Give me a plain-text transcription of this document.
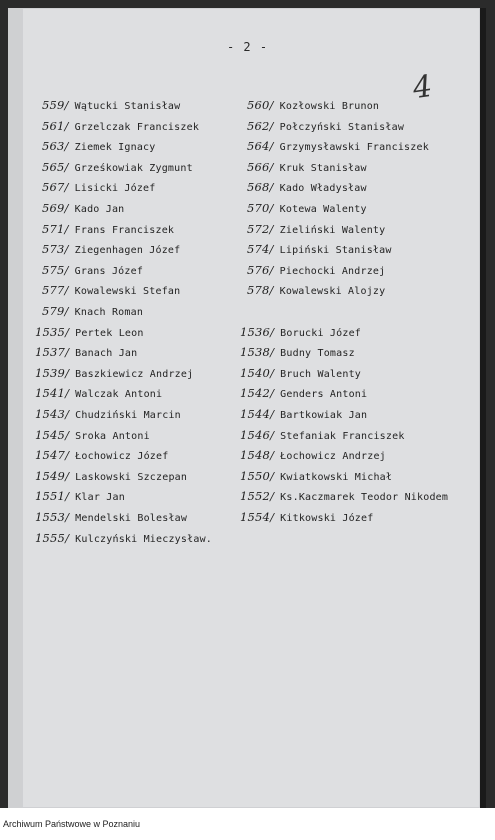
- 2 -
4
559/ Wątucki Stanisław
561/ Grzelczak Franciszek
563/ Ziemek Ignacy
565/ Grześkowiak Zygmunt
567/ Lisicki Józef
569/ Kado Jan
571/ Frans Franciszek
573/ Ziegenhagen Józef
575/ Grans Józef
577/ Kowalewski Stefan
579/ Knach Roman
1535/ Pertek Leon
1537/ Banach Jan
1539/ Baszkiewicz Andrzej
1541/ Walczak Antoni
1543/ Chudziński Marcin
1545/ Sroka Antoni
1547/ Łochowicz Józef
1549/ Laskowski Szczepan
1551/ Klar Jan
1553/ Mendelski Bolesław
1555/ Kulczyński Mieczysław.
560/ Kozłowski Brunon
562/ Połczyński Stanisław
564/ Grzymysławski Franciszek
566/ Kruk Stanisław
568/ Kado Władysław
570/ Kotewa Walenty
572/ Zieliński Walenty
574/ Lipiński Stanisław
576/ Piechocki Andrzej
578/ Kowalewski Alojzy
1536/ Borucki Józef
1538/ Budny Tomasz
1540/ Bruch Walenty
1542/ Genders Antoni
1544/ Bartkowiak Jan
1546/ Stefaniak Franciszek
1548/ Łochowicz Andrzej
1550/ Kwiatkowski Michał
1552/ Ks.Kaczmarek Teodor Nikodem
1554/ Kitkowski Józef
Archiwum Państwowe w Poznaniu
